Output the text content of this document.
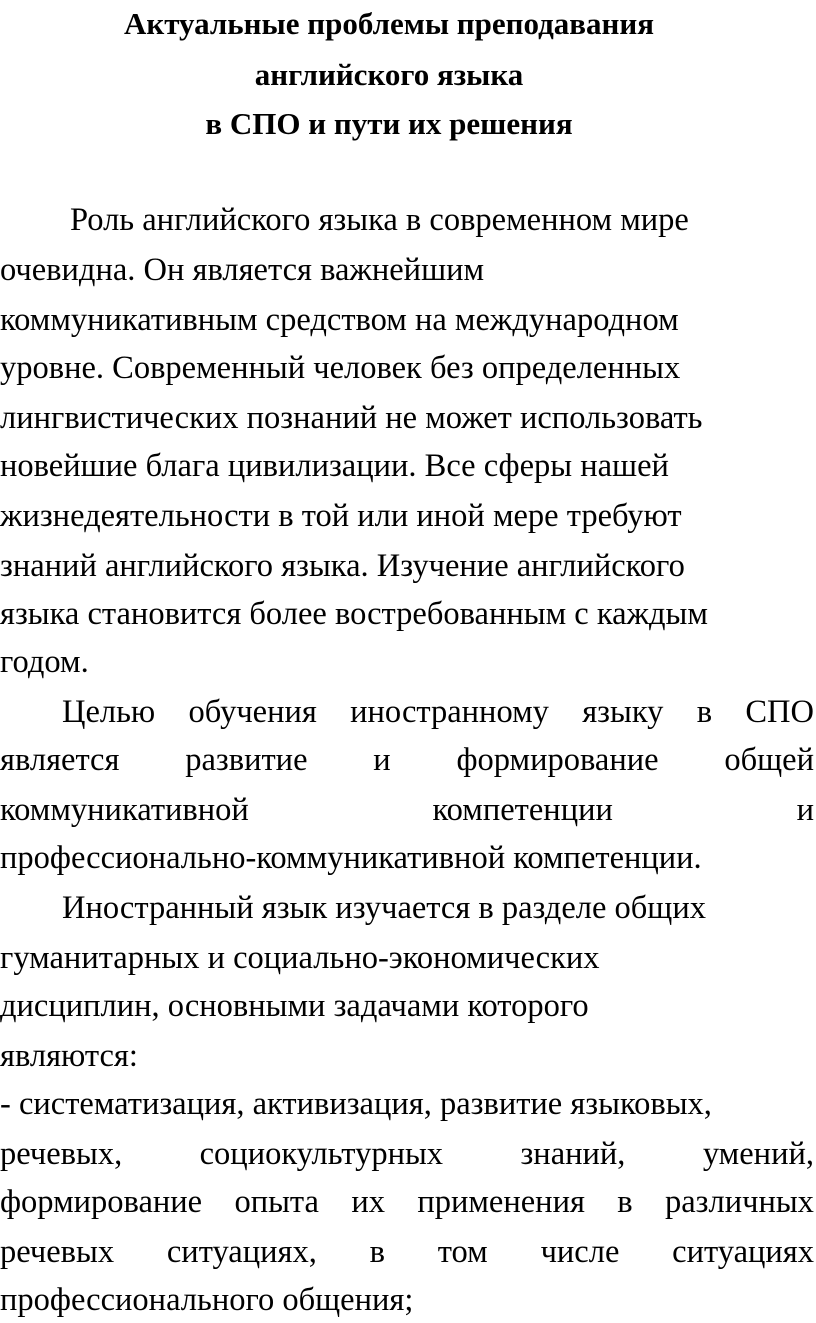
Актуальные проблемы преподавания
английского языка
в СПО и пути их решения
Роль английского языка в современном мире
очевидна. Он является важнейшим
коммуникативным средством на международном
уровне. Современный человек без определенных
лингвистических познаний не может использовать
новейшие блага цивилизации. Все сферы нашей
жизнедеятельности в той или иной мере требуют
знаний английского языка. Изучение английского
языка становится более востребованным с каждым
годом.
Целью обучения иностранному языку в СПО
является развитие и формирование общей
коммуникативной	компетенции	и
профессионально-коммуникативной компетенции.
Иностранный язык изучается в разделе общих
гуманитарных и социально-экономических
дисциплин, основными задачами которого
являются:
- систематизация, активизация, развитие языковых,
речевых, социокультурных знаний, умений,
формирование опыта их применения в различных
речевых ситуациях, в том числе ситуациях
профессионального общения;
